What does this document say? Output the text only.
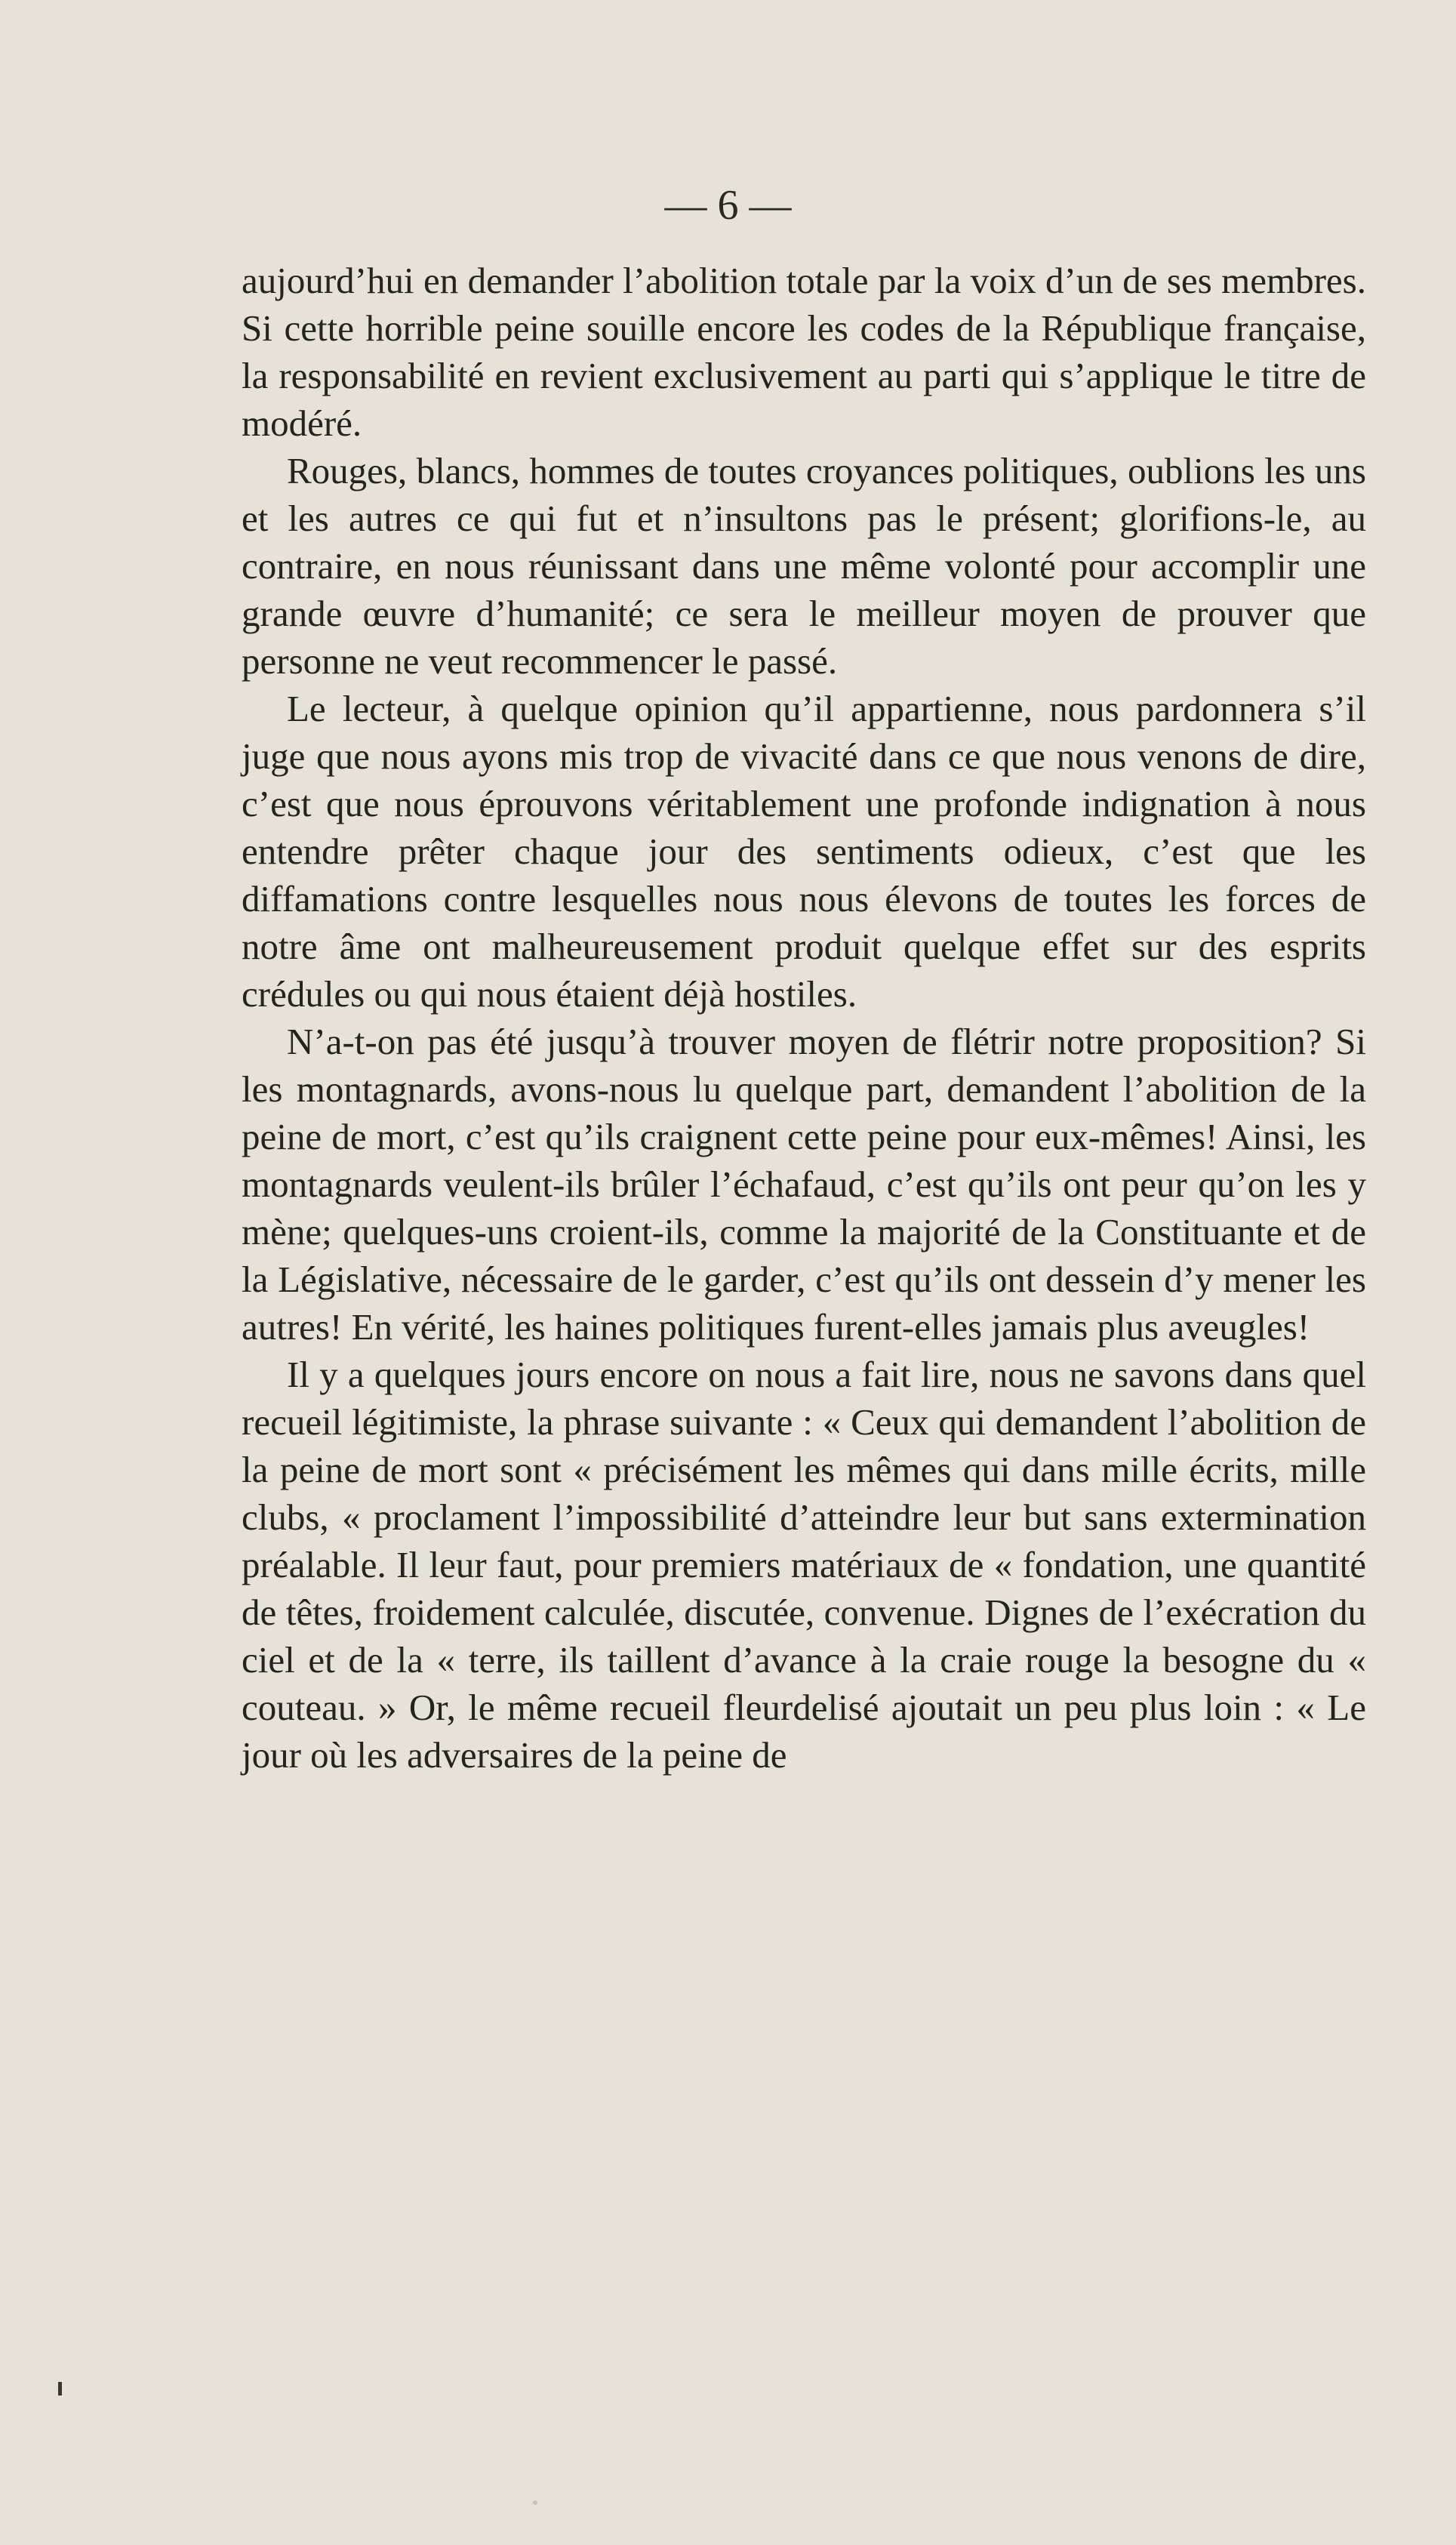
— 6 —

aujourd’hui en demander l’abolition totale par la voix d’un de ses membres. Si cette horrible peine souille encore les codes de la République française, la responsabilité en revient exclusivement au parti qui s’applique le titre de modéré.

Rouges, blancs, hommes de toutes croyances politiques, oublions les uns et les autres ce qui fut et n’insultons pas le présent; glorifions-le, au contraire, en nous réunissant dans une même volonté pour accomplir une grande œuvre d’humanité; ce sera le meilleur moyen de prouver que personne ne veut recommencer le passé.

Le lecteur, à quelque opinion qu’il appartienne, nous pardonnera s’il juge que nous ayons mis trop de vivacité dans ce que nous venons de dire, c’est que nous éprouvons véritablement une profonde indignation à nous entendre prêter chaque jour des sentiments odieux, c’est que les diffamations contre lesquelles nous nous élevons de toutes les forces de notre âme ont malheureusement produit quelque effet sur des esprits crédules ou qui nous étaient déjà hostiles.

N’a-t-on pas été jusqu’à trouver moyen de flétrir notre proposition? Si les montagnards, avons-nous lu quelque part, demandent l’abolition de la peine de mort, c’est qu’ils craignent cette peine pour eux-mêmes! Ainsi, les montagnards veulent-ils brûler l’échafaud, c’est qu’ils ont peur qu’on les y mène; quelques-uns croient-ils, comme la majorité de la Constituante et de la Législative, nécessaire de le garder, c’est qu’ils ont dessein d’y mener les autres! En vérité, les haines politiques furent-elles jamais plus aveugles!

Il y a quelques jours encore on nous a fait lire, nous ne savons dans quel recueil légitimiste, la phrase suivante : « Ceux qui demandent l’abolition de la peine de mort sont « précisément les mêmes qui dans mille écrits, mille clubs, « proclament l’impossibilité d’atteindre leur but sans extermination préalable. Il leur faut, pour premiers matériaux de « fondation, une quantité de têtes, froidement calculée, discutée, convenue. Dignes de l’exécration du ciel et de la « terre, ils taillent d’avance à la craie rouge la besogne du « couteau. » Or, le même recueil fleurdelisé ajoutait un peu plus loin : « Le jour où les adversaires de la peine de
